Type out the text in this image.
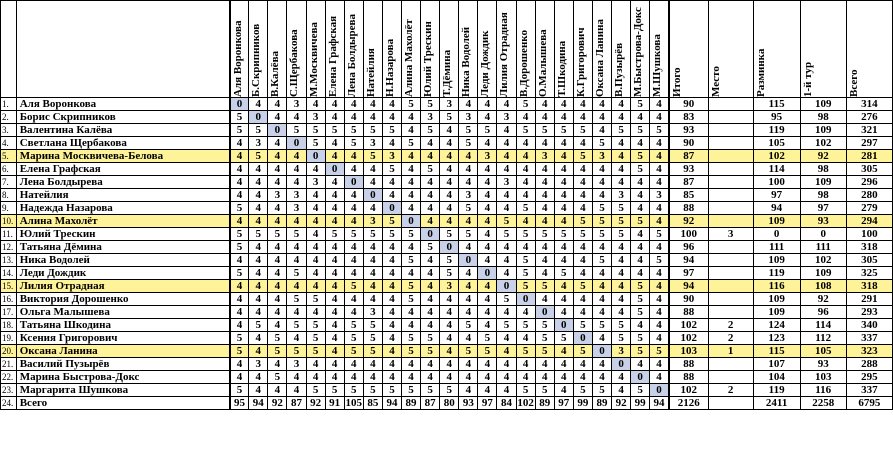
		Аля Воронкова	Б.Скрипников	В.Калёва	С.Щербакова	М.Москвичева	Елена Графская	Лена Болдырева	Натейлия	Н.Назарова	Алина Махолёт	Юлий Трескин	Т.Дёмина	Ника Водолей	Леди Дождик	Лилия Отрадная	В.Дорошенко	О.Малышева	Т.Шкодина	К.Григорович	Оксана Ланина	В.Пузырёв	М.Быстрова-Докс	М.Шушкова	Итого	Место	Разминка	1-й тур	Всего

1.	Аля Воронкова	0	4	4	3	4	4	4	4	4	5	5	3	4	4	4	5	4	4	4	4	4	5	4	90		115	109	314
2.	Борис Скрипников	5	0	4	4	3	4	4	4	4	4	3	5	3	4	3	4	4	4	4	4	4	4	4	83		95	98	276
3.	Валентина Калёва	5	5	0	5	5	5	5	5	5	4	5	4	5	5	4	5	5	5	5	4	5	5	5	93		119	109	321
4.	Светлана Щербакова	4	3	4	0	5	4	5	3	4	5	4	4	5	4	4	4	4	4	4	5	4	4	4	90		105	102	297
5.	Марина Москвичева-Белова	4	5	4	4	0	4	4	5	3	4	4	4	4	3	4	4	3	4	5	3	4	5	4	87		102	92	281
6.	Елена Графская	4	4	4	4	4	0	4	4	5	4	5	4	4	4	4	4	4	4	4	4	4	5	4	93		114	98	305
7.	Лена Болдырева	4	4	4	4	3	4	0	4	4	4	4	4	4	4	3	4	4	4	4	4	4	4	4	87		100	109	296
8.	Натейлия	4	4	3	3	4	4	4	0	4	4	4	4	3	4	4	4	4	4	4	4	3	4	3	85		97	98	280
9.	Надежда Назарова	5	4	4	3	4	4	4	4	0	4	4	4	5	4	4	5	4	4	4	5	5	4	4	88		94	97	279
10.	Алина Махолёт	4	4	4	4	4	4	4	3	5	0	4	4	4	4	5	4	4	4	5	5	5	5	4	92		109	93	294
11.	Юлий Трескин	5	5	5	5	4	5	5	5	5	5	0	5	5	4	5	5	5	5	5	5	5	4	5	100	3	0	0	100
12.	Татьяна Дёмина	5	4	4	4	4	4	4	4	4	4	5	0	4	4	4	4	4	4	4	4	4	4	4	96		111	111	318
13.	Ника Водолей	4	4	4	4	4	4	4	4	4	5	4	5	0	4	4	5	4	4	4	5	4	4	5	94		109	102	305
14.	Леди Дождик	5	4	4	5	4	4	4	4	4	4	4	5	4	0	4	5	4	5	4	4	4	4	4	97		119	109	325
15.	Лилия Отрадная	4	4	4	4	4	4	5	4	4	5	4	3	4	4	0	5	5	4	5	4	4	5	4	94		116	108	318
16.	Виктория Дорошенко	4	4	4	5	5	4	4	4	4	5	4	4	4	4	5	0	4	4	4	4	4	5	4	90		109	92	291
17.	Ольга Малышева	4	4	4	4	4	4	4	3	4	4	4	4	4	4	4	4	0	4	4	4	4	5	4	88		109	96	293
18.	Татьяна Шкодина	4	5	4	5	5	4	5	5	4	4	4	4	5	4	5	5	5	0	5	5	5	4	4	102	2	124	114	340
19.	Ксения Григорович	5	4	5	4	5	4	5	5	4	5	5	4	4	5	4	4	5	5	0	4	5	5	4	102	2	123	112	337
20.	Оксана Ланина	5	4	5	5	5	4	5	5	4	5	5	4	5	5	4	5	5	4	5	0	3	5	5	103	1	115	105	323
21.	Василий Пузырёв	4	3	4	3	4	4	4	4	4	4	4	4	4	4	4	4	4	4	4	4	0	4	4	88		107	93	288
22.	Марина Быстрова-Докс	4	4	5	4	4	4	4	4	4	4	4	4	4	4	4	4	4	4	4	4	4	0	4	88		104	103	295
23.	Маргарита Шушкова	5	4	4	4	5	5	5	5	5	5	5	5	4	4	4	5	5	4	5	5	4	5	0	102	2	119	116	337
24.	Всего	95	94	92	87	92	91	105	85	94	89	87	80	93	97	84	102	89	97	99	89	92	99	94	2126		2411	2258	6795
